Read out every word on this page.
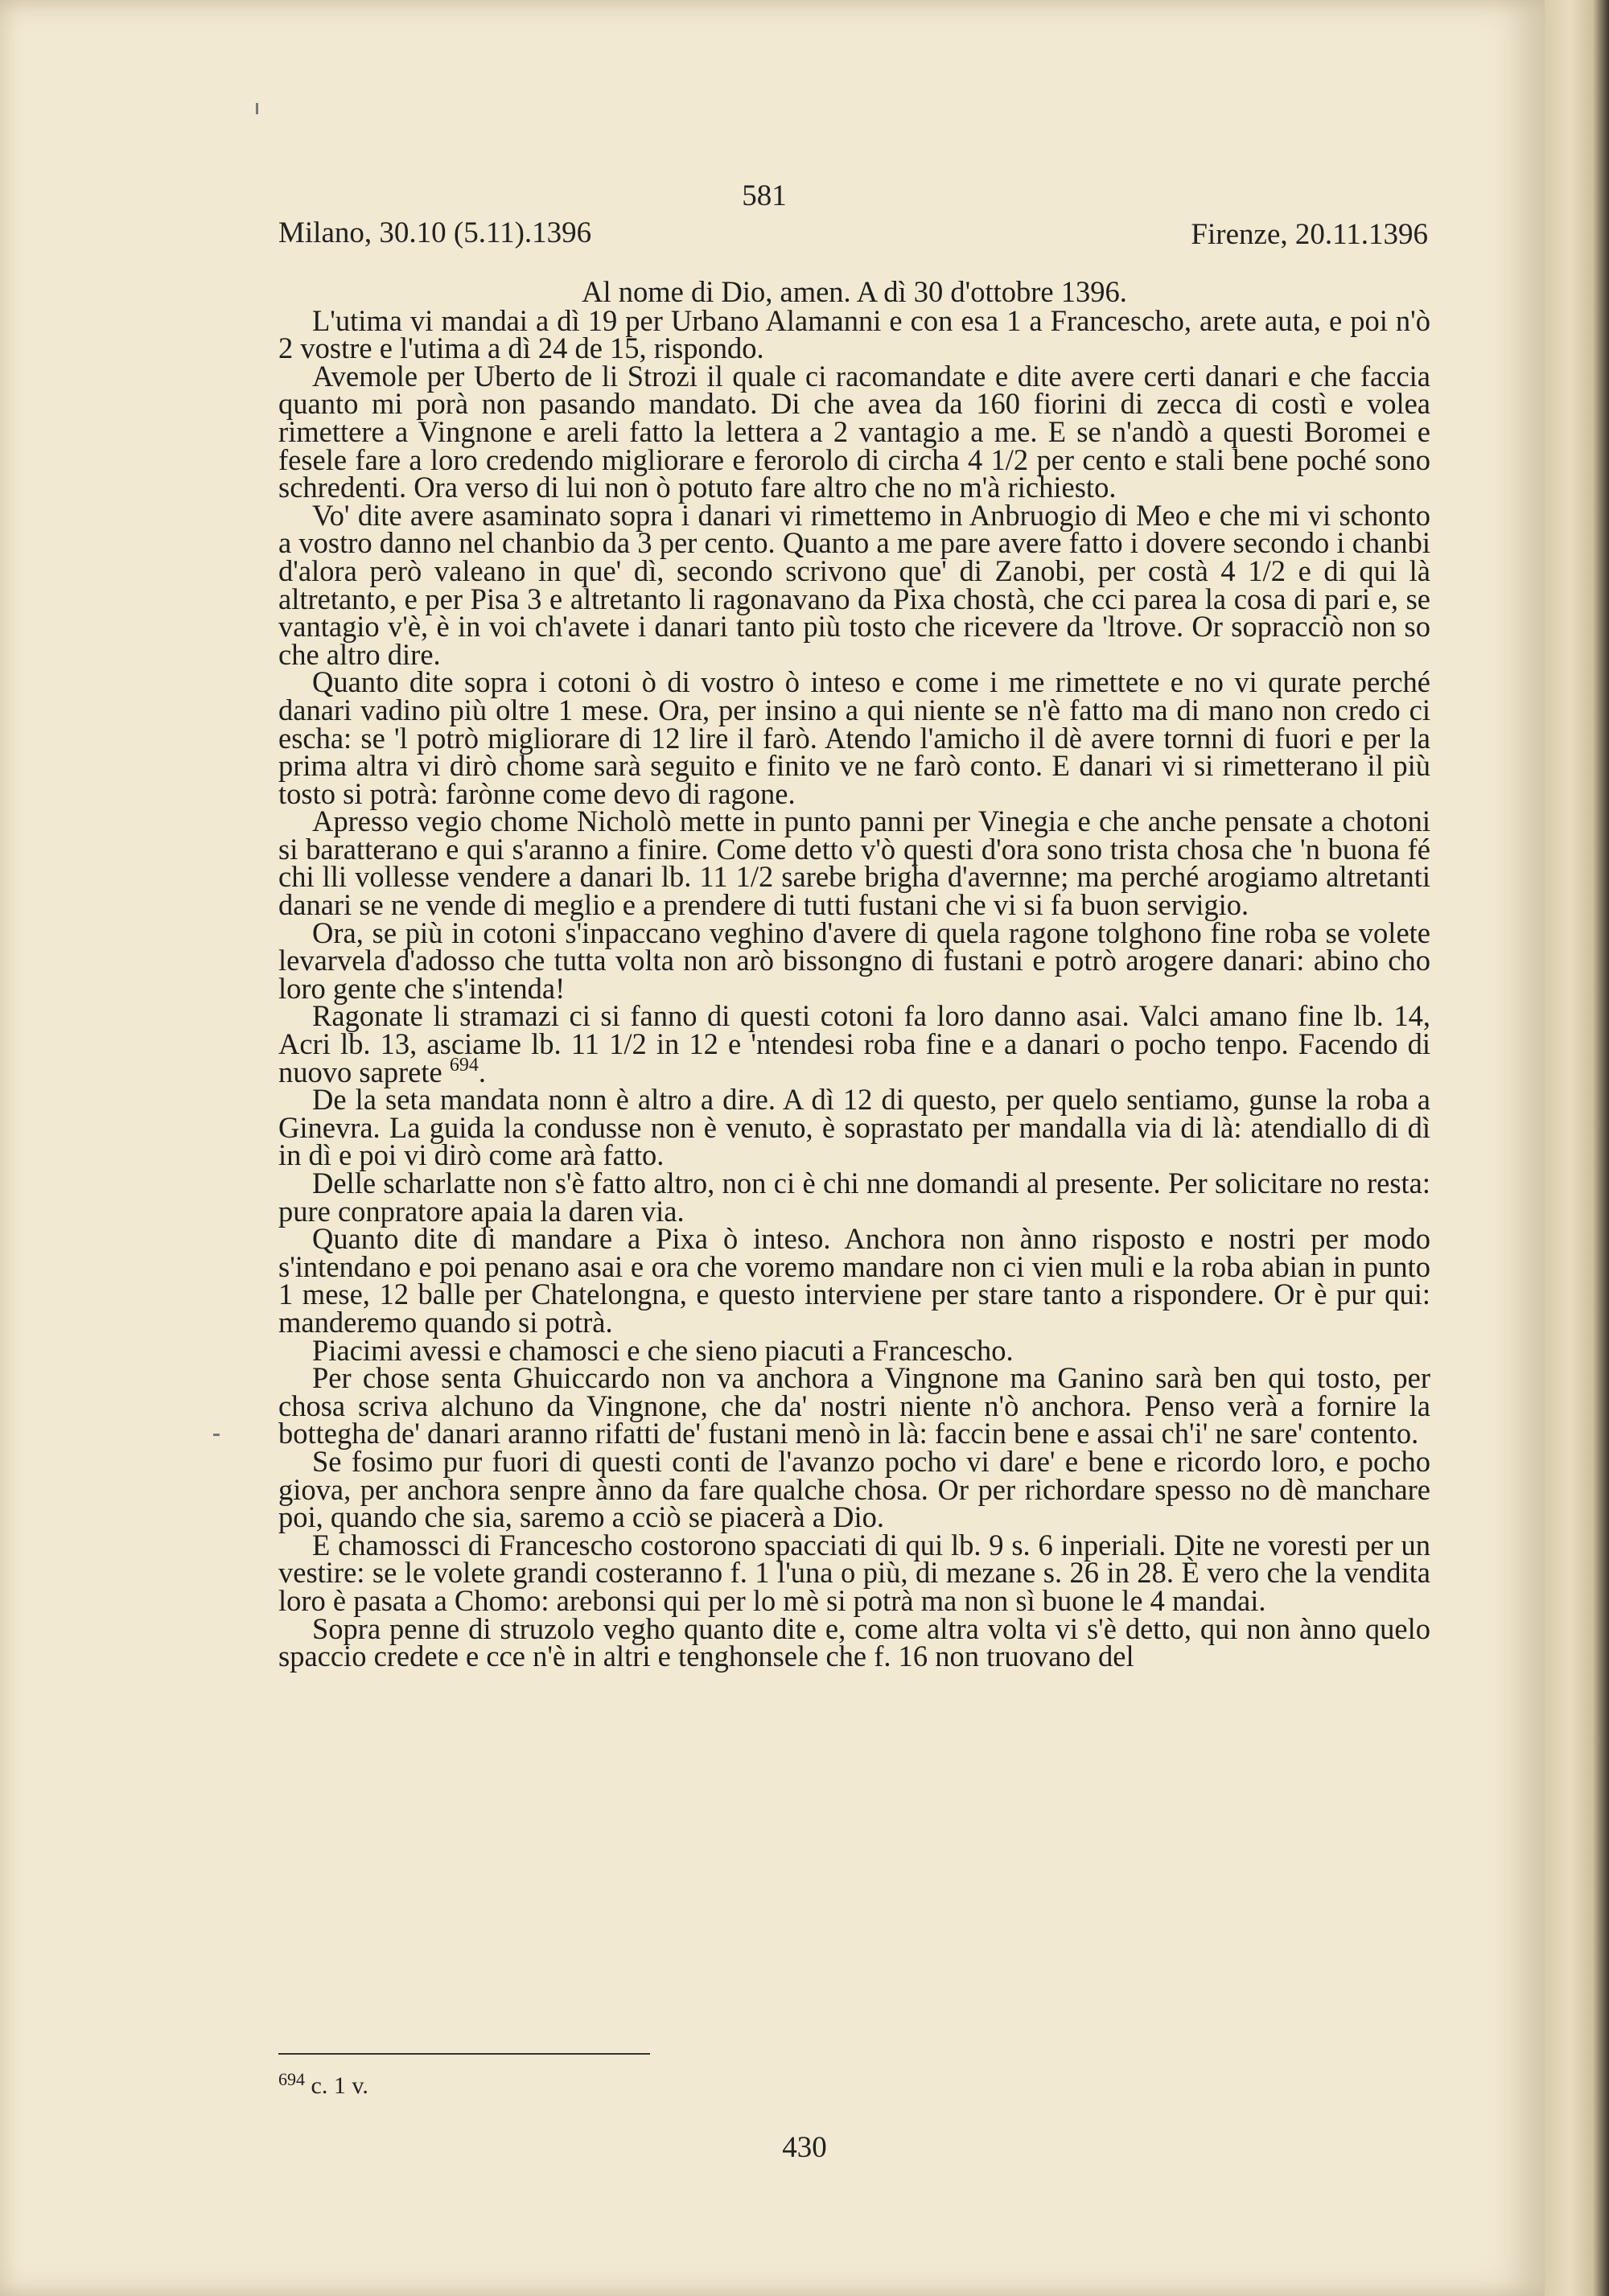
581
Milano, 30.10 (5.11).1396	Firenze, 20.11.1396

Al nome di Dio, amen. A dì 30 d'ottobre 1396.

L'utima vi mandai a dì 19 per Urbano Alamanni e con esa 1 a Francescho, arete auta, e poi n'ò 2 vostre e l'utima a dì 24 de 15, rispondo.

Avemole per Uberto de li Strozi il quale ci racomandate e dite avere certi danari e che faccia quanto mi porà non pasando mandato. Di che avea da 160 fiorini di zecca di costì e volea rimettere a Vingnone e areli fatto la lettera a 2 vantagio a me. E se n'andò a questi Boromei e fesele fare a loro credendo migliorare e ferorolo di circha 4 1/2 per cento e stali bene poché sono schredenti. Ora verso di lui non ò potuto fare altro che no m'à richiesto.

Vo' dite avere asaminato sopra i danari vi rimettemo in Anbruogio di Meo e che mi vi schonto a vostro danno nel chanbio da 3 per cento. Quanto a me pare avere fatto i dovere secondo i chanbi d'alora però valeano in que' dì, secondo scrivono que' di Zanobi, per costà 4 1/2 e di qui là altretanto, e per Pisa 3 e altretanto li ragonavano da Pixa chostà, che cci parea la cosa di pari e, se vantagio v'è, è in voi ch'avete i danari tanto più tosto che ricevere da 'ltrove. Or sopracciò non so che altro dire.

Quanto dite sopra i cotoni ò di vostro ò inteso e come i me rimettete e no vi qurate perché danari vadino più oltre 1 mese. Ora, per insino a qui niente se n'è fatto ma di mano non credo ci escha: se 'l potrò migliorare di 12 lire il farò. Atendo l'amicho il dè avere tornni di fuori e per la prima altra vi dirò chome sarà seguito e finito ve ne farò conto. E danari vi si rimetterano il più tosto si potrà: farònne come devo di ragone.

Apresso vegio chome Nicholò mette in punto panni per Vinegia e che anche pensate a chotoni si baratterano e qui s'aranno a finire. Come detto v'ò questi d'ora sono trista chosa che 'n buona fé chi lli vollesse vendere a danari lb. 11 1/2 sarebe brigha d'avernne; ma perché arogiamo altretanti danari se ne vende di meglio e a prendere di tutti fustani che vi si fa buon servigio.

Ora, se più in cotoni s'inpaccano veghino d'avere di quela ragone tolghono fine roba se volete levarvela d'adosso che tutta volta non arò bissongno di fustani e potrò arogere danari: abino cho loro gente che s'intenda!

Ragonate li stramazi ci si fanno di questi cotoni fa loro danno asai. Valci amano fine lb. 14, Acri lb. 13, asciame lb. 11 1/2 in 12 e 'ntendesi roba fine e a danari o pocho tenpo. Facendo di nuovo saprete $^{694}$.

De la seta mandata nonn è altro a dire. A dì 12 di questo, per quelo sentiamo, gunse la roba a Ginevra. La guida la condusse non è venuto, è soprastato per mandalla via di là: atendiallo di dì in dì e poi vi dirò come arà fatto.

Delle scharlatte non s'è fatto altro, non ci è chi nne domandi al presente. Per solicitare no resta: pure conpratore apaia la daren via.

Quanto dite di mandare a Pixa ò inteso. Anchora non ànno risposto e nostri per modo s'intendano e poi penano asai e ora che voremo mandare non ci vien muli e la roba abian in punto 1 mese, 12 balle per Chatelongna, e questo interviene per stare tanto a rispondere. Or è pur qui: manderemo quando si potrà.

Piacimi avessi e chamosci e che sieno piacuti a Francescho.

Per chose senta Ghuiccardo non va anchora a Vingnone ma Ganino sarà ben qui tosto, per chosa scriva alchuno da Vingnone, che da' nostri niente n'ò anchora. Penso verà a fornire la bottegha de' danari aranno rifatti de' fustani menò in là: faccin bene e assai ch'i' ne sare' contento.

Se fosimo pur fuori di questi conti de l'avanzo pocho vi dare' e bene e ricordo loro, e pocho giova, per anchora senpre ànno da fare qualche chosa. Or per richordare spesso no dè manchare poi, quando che sia, saremo a cciò se piacerà a Dio.

E chamossci di Francescho costorono spacciati di qui lb. 9 s. 6 inperiali. Dite ne voresti per un vestire: se le volete grandi costeranno f. 1 l'una o più, di mezane s. 26 in 28. È vero che la vendita loro è pasata a Chomo: arebonsi qui per lo mè si potrà ma non sì buone le 4 mandai.

Sopra penne di struzolo vegho quanto dite e, come altra volta vi s'è detto, qui non ànno quelo spaccio credete e cce n'è in altri e tenghonsele che f. 16 non truovano del

$^{694}$ c. 1 v.
430
